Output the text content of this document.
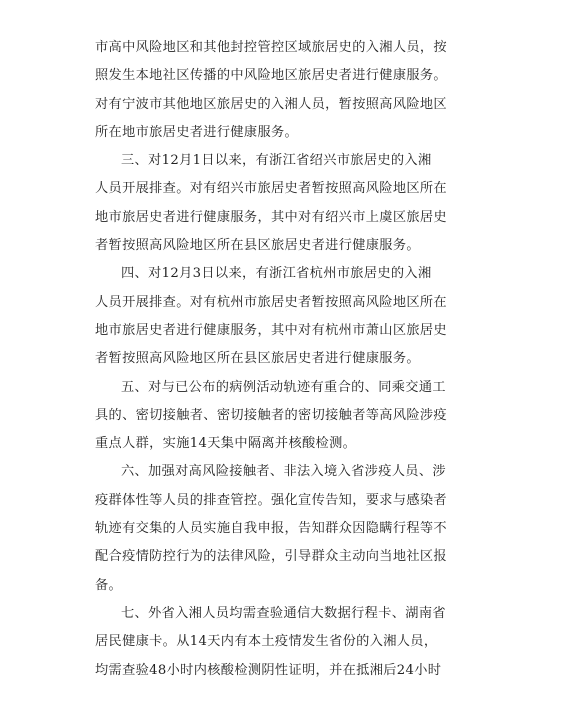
市高中风险地区和其他封控管控区域旅居史的入湘人员，按
照发生本地社区传播的中风险地区旅居史者进行健康服务。
对有宁波市其他地区旅居史的入湘人员，暂按照高风险地区
所在地市旅居史者进行健康服务。
三、对12月1日以来，有浙江省绍兴市旅居史的入湘
人员开展排查。对有绍兴市旅居史者暂按照高风险地区所在
地市旅居史者进行健康服务，其中对有绍兴市上虞区旅居史
者暂按照高风险地区所在县区旅居史者进行健康服务。
四、对12月3日以来，有浙江省杭州市旅居史的入湘
人员开展排查。对有杭州市旅居史者暂按照高风险地区所在
地市旅居史者进行健康服务，其中对有杭州市萧山区旅居史
者暂按照高风险地区所在县区旅居史者进行健康服务。
五、对与已公布的病例活动轨迹有重合的、同乘交通工
具的、密切接触者、密切接触者的密切接触者等高风险涉疫
重点人群，实施14天集中隔离并核酸检测。
六、加强对高风险接触者、非法入境入省涉疫人员、涉
疫群体性等人员的排查管控。强化宣传告知，要求与感染者
轨迹有交集的人员实施自我申报，告知群众因隐瞒行程等不
配合疫情防控行为的法律风险，引导群众主动向当地社区报
备。
七、外省入湘人员均需查验通信大数据行程卡、湖南省
居民健康卡。从14天内有本土疫情发生省份的入湘人员，
均需查验48小时内核酸检测阴性证明，并在抵湘后24小时
